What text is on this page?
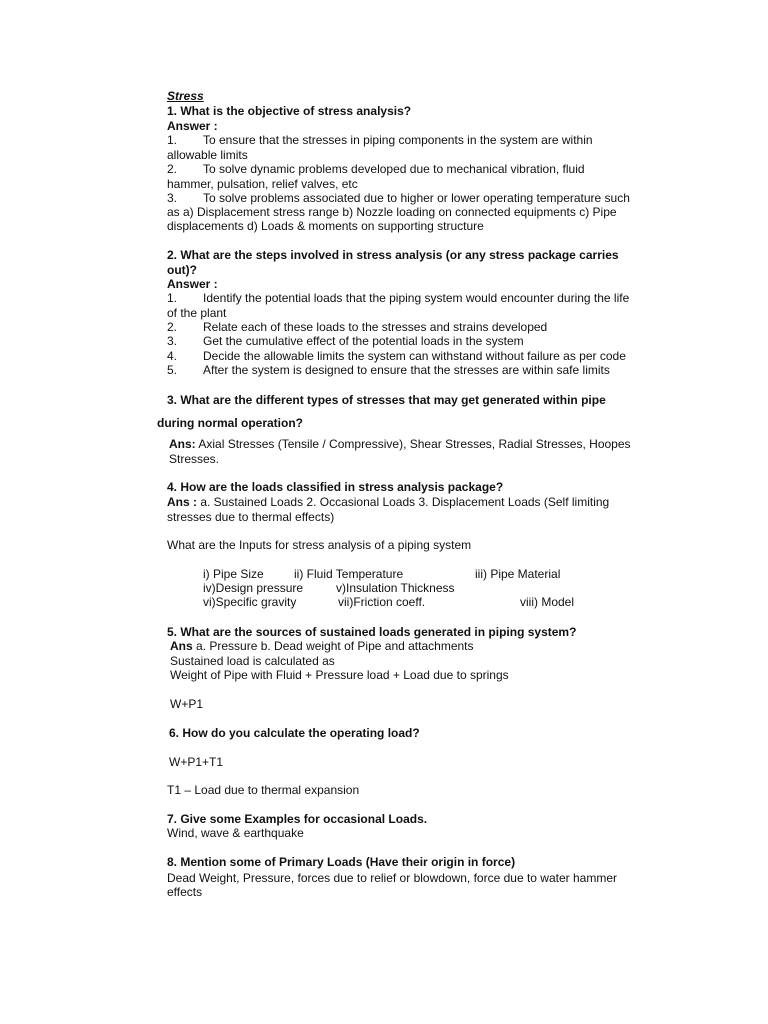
Stress
1. What is the objective of stress analysis?
Answer :
1. To ensure that the stresses in piping components in the system are within
allowable limits
2. To solve dynamic problems developed due to mechanical vibration, fluid
hammer, pulsation, relief valves, etc
3. To solve problems associated due to higher or lower operating temperature such
as a) Displacement stress range b) Nozzle loading on connected equipments c) Pipe
displacements d) Loads & moments on supporting structure
2. What are the steps involved in stress analysis (or any stress package carries
out)?
Answer :
1. Identify the potential loads that the piping system would encounter during the life
of the plant
2. Relate each of these loads to the stresses and strains developed
3. Get the cumulative effect of the potential loads in the system
4. Decide the allowable limits the system can withstand without failure as per code
5. After the system is designed to ensure that the stresses are within safe limits
3. What are the different types of stresses that may get generated within pipe
during normal operation?
Ans: Axial Stresses (Tensile / Compressive), Shear Stresses, Radial Stresses, Hoopes
Stresses.
4. How are the loads classified in stress analysis package?
Ans : a. Sustained Loads 2. Occasional Loads 3. Displacement Loads (Self limiting
stresses due to thermal effects)
What are the Inputs for stress analysis of a piping system
i) Pipe Size	ii) Fluid Temperature	iii) Pipe Material
iv)Design pressure	v)Insulation Thickness
vi)Specific gravity	vii)Friction coeff.	viii) Model
5. What are the sources of sustained loads generated in piping system?
Ans a. Pressure b. Dead weight of Pipe and attachments
Sustained load is calculated as
Weight of Pipe with Fluid + Pressure load + Load due to springs
W+P1
6. How do you calculate the operating load?
W+P1+T1
T1 – Load due to thermal expansion
7. Give some Examples for occasional Loads.
Wind, wave & earthquake
8. Mention some of Primary Loads (Have their origin in force)
Dead Weight, Pressure, forces due to relief or blowdown, force due to water hammer
effects
